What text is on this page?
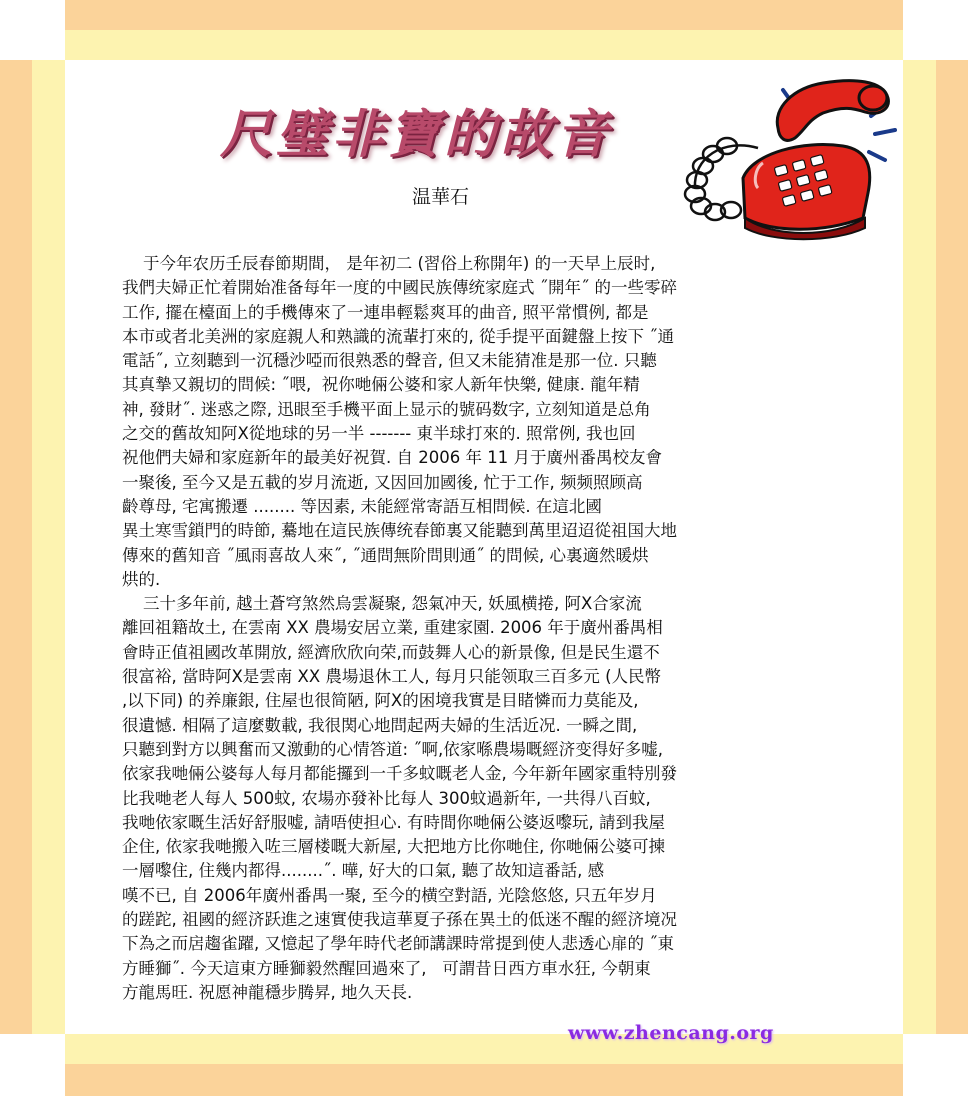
尺璧非寶的故音
温華石

于今年农历壬辰春節期間， 是年初二 (習俗上称開年) 的一天早上辰时,
我們夫婦正忙着開始准备每年一度的中國民族傳统家庭式 ˝開年˝ 的一些零碎
工作, 擺在檯面上的手機傳來了一連串輕鬆爽耳的曲音, 照平常慣例, 都是
本市或者北美洲的家庭親人和熟識的流輩打來的, 從手提平面鍵盤上按下 ˝通
電話˝, 立刻聽到一沉穩沙啞而很熟悉的聲音, 但又未能猜准是那一位. 只聽
其真摯又親切的問候: ˝喂,  祝你哋倆公婆和家人新年快樂, 健康. 龍年精
神, 發財˝. 迷惑之際, 迅眼至手機平面上显示的號码数字, 立刻知道是总角
之交的舊故知阿X從地球的另一半 ------- 東半球打來的. 照常例, 我也回
祝他們夫婦和家庭新年的最美好祝賀. 自 2006 年 11 月于廣州番禺校友會
一聚後, 至今又是五載的岁月流逝, 又因回加國後, 忙于工作, 频频照顾高
齡尊母, 宅寓搬遷 ........ 等因素, 未能經常寄語互相問候. 在這北國
異土寒雪鎖門的時節, 驀地在這民族傳统春節裏又能聽到萬里迢迢從祖国大地
傳來的舊知音 ˝風雨喜故人來˝, ˝通問無阶問則通˝ 的問候, 心裏適然暖烘
烘的.

三十多年前, 越土蒼穹煞然烏雲凝聚, 怨氣冲天, 妖風横捲, 阿X合家流
離回祖籍故土, 在雲南 XX 農場安居立業, 重建家園. 2006 年于廣州番禺相
會時正值祖國改革開放, 經濟欣欣向荣,而鼓舞人心的新景像, 但是民生還不
很富裕, 當時阿X是雲南 XX 農場退休工人, 每月只能领取三百多元 (人民幣
,以下同) 的养廉銀, 住屋也很简陋, 阿X的困境我實是目睹憐而力莫能及,
很遺憾. 相隔了這麼數載, 我很関心地問起两夫婦的生活近况. 一瞬之間,
只聽到對方以興奮而又激動的心情答道: ˝啊,依家喺農場嘅經济变得好多嘘,
依家我哋倆公婆每人每月都能攞到一千多蚊嘅老人金, 今年新年國家重特別發
比我哋老人每人 500蚊, 农場亦發补比每人 300蚊過新年, 一共得八百蚊,
我哋依家嘅生活好舒服嘘, 請唔使担心. 有時間你哋倆公婆返嚟玩, 請到我屋
企住, 依家我哋搬入咗三層楼嘅大新屋, 大把地方比你哋住, 你哋倆公婆可揀
一層嚟住, 住幾内都得........˝. 嘩, 好大的口氣, 聽了故知這番話, 感
嘆不已, 自 2006年廣州番禺一聚, 至今的横空對語, 光陰悠悠, 只五年岁月
的蹉跎, 祖國的經济跃進之速實使我這華夏子孫在異土的低迷不醒的經济境况
下為之而扂趨雀躍, 又憶起了學年時代老師講課時常提到使人悲透心扉的 ˝東
方睡獅˝. 今天這東方睡獅毅然醒回過來了,   可謂昔日西方車水狂, 今朝東
方龍馬旺. 祝愿神龍穩步腾昇, 地久天長.

www.zhencang.org
